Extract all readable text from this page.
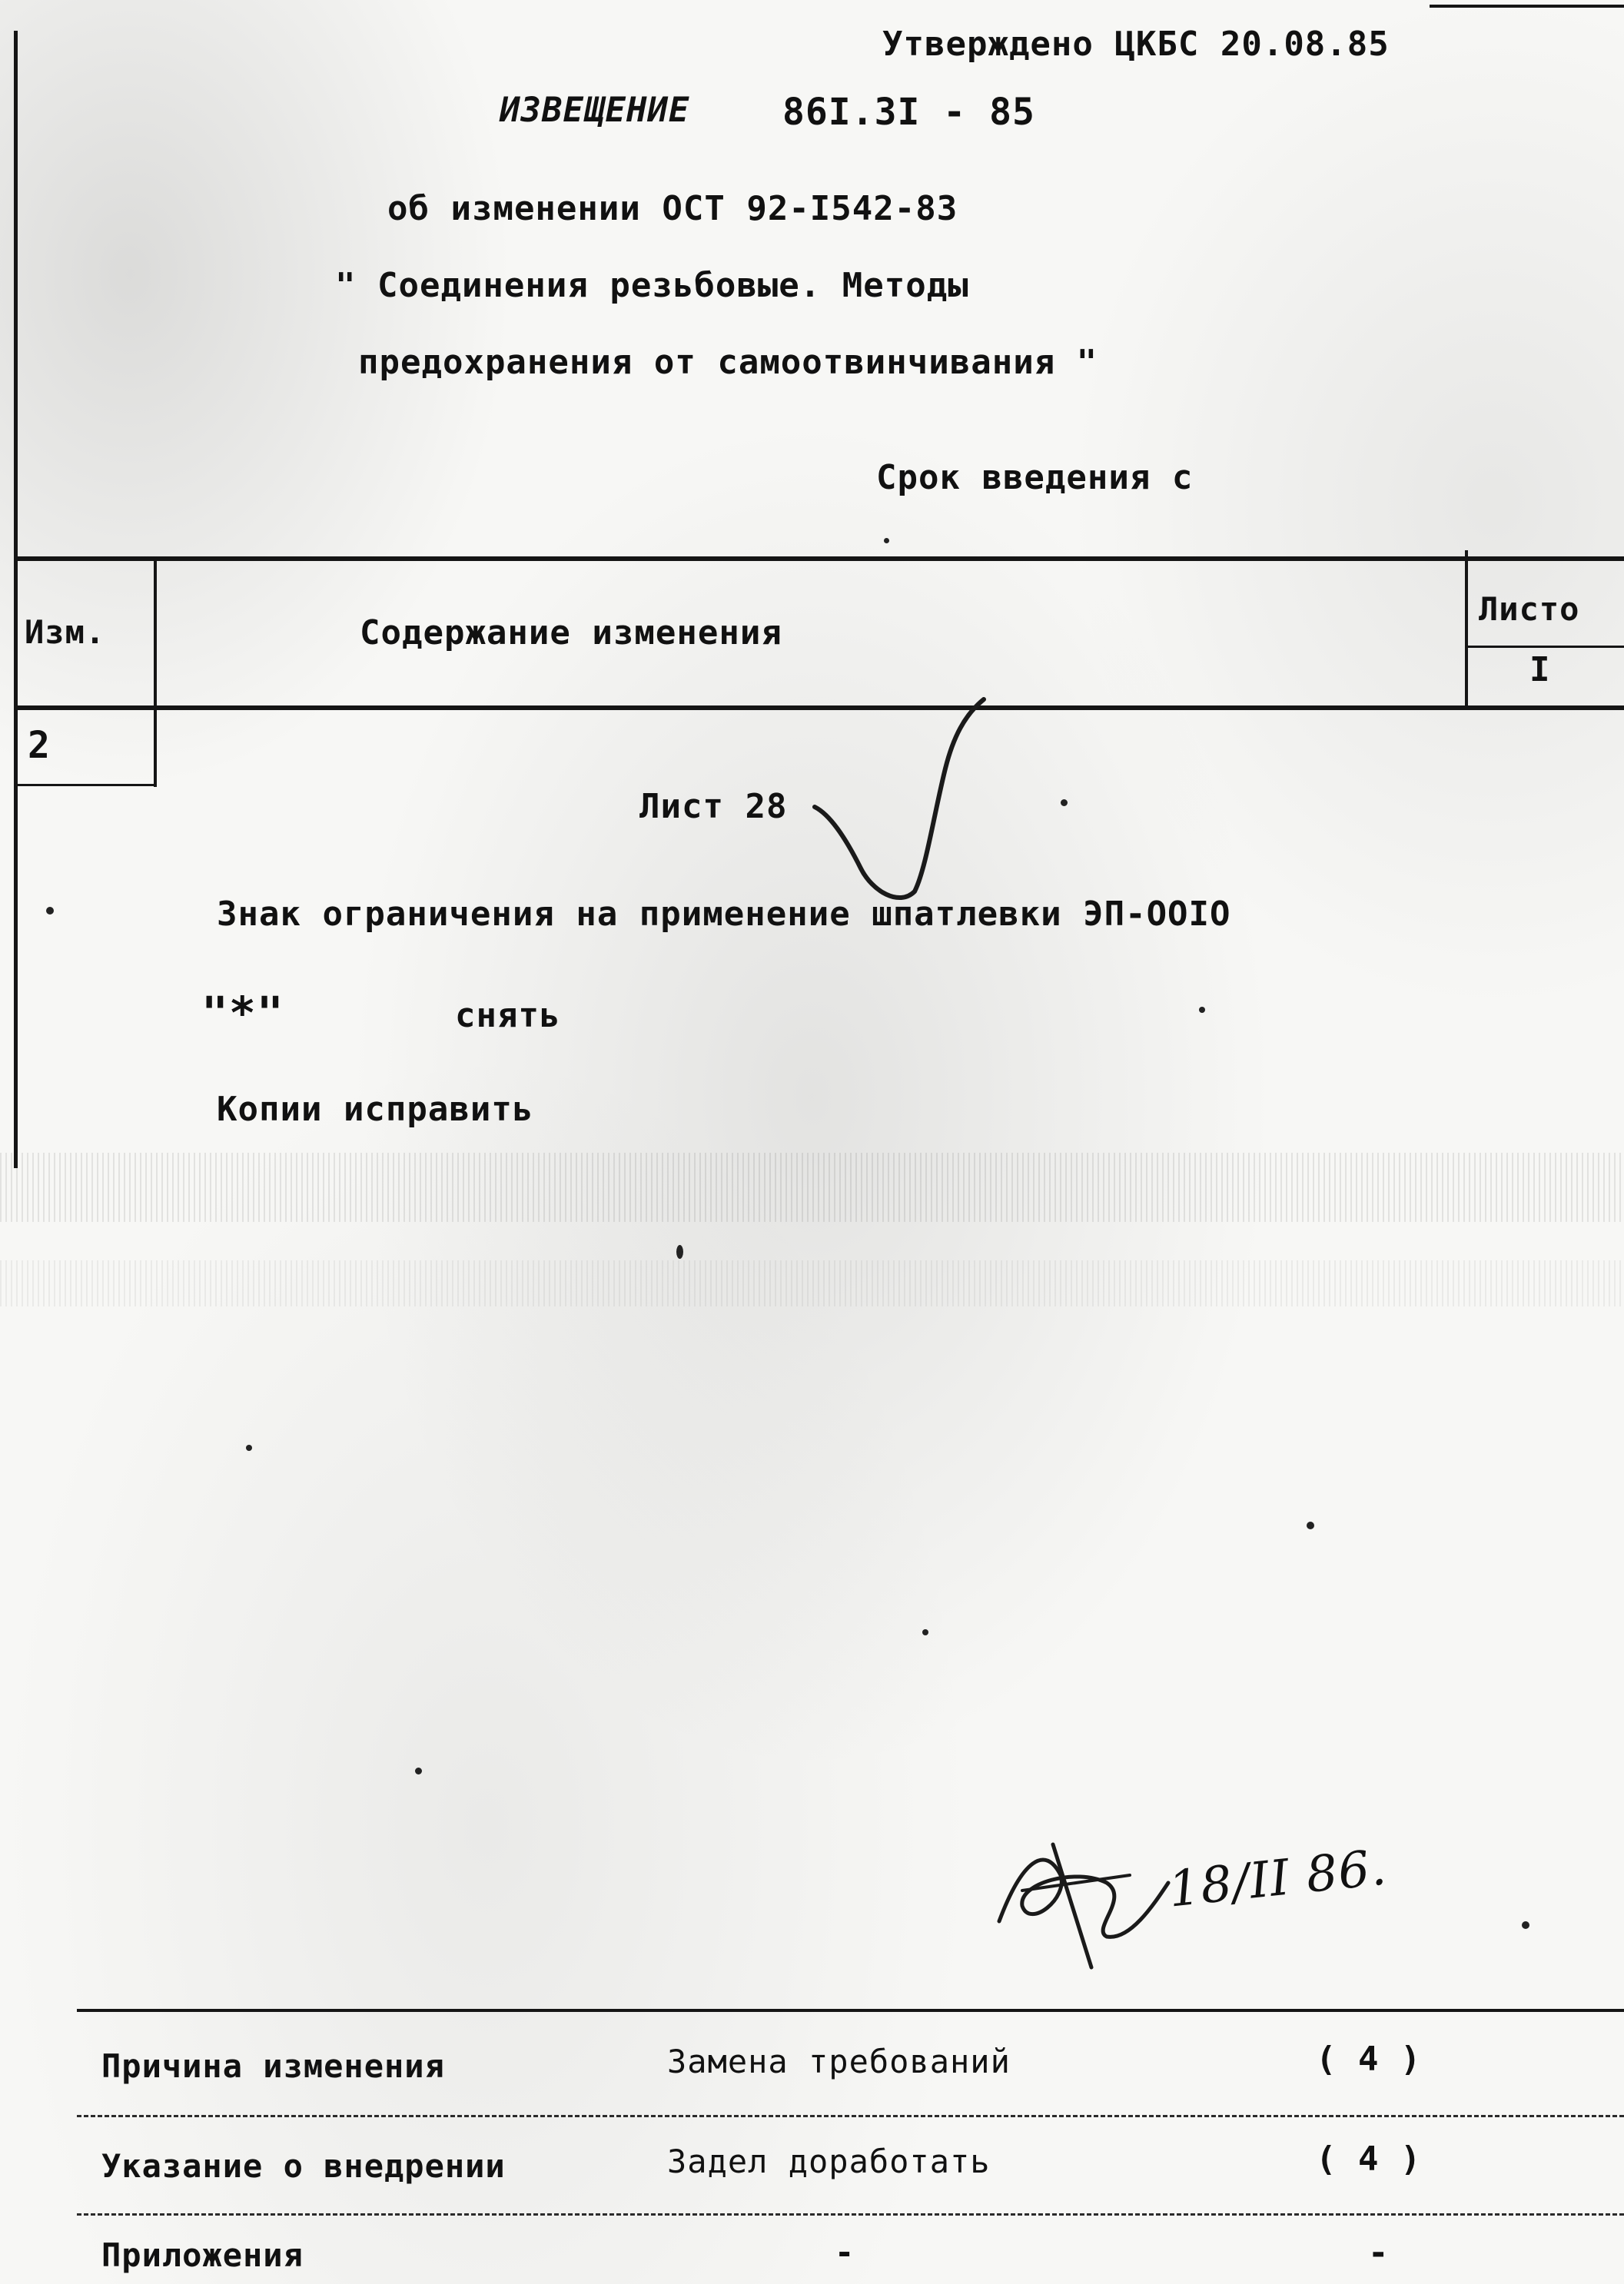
Утверждено ЦКБС 20.08.85
ИЗВЕЩЕНИЕ	86I.3I - 85
об изменении ОСТ 92-I542-83
" Соединения резьбовые. Методы
предохранения от самоотвинчивания "
Срок введения с
Изм.	Содержание изменения
Листо
I
2
Лист 28
Знак ограничения на применение шпатлевки ЭП-ООIО
"*"	снять
Копии исправить
18/II 86.
Причина изменения	Замена требований	( 4 )
Указание о внедрении	Задел доработать	( 4 )
Приложения	-	-
